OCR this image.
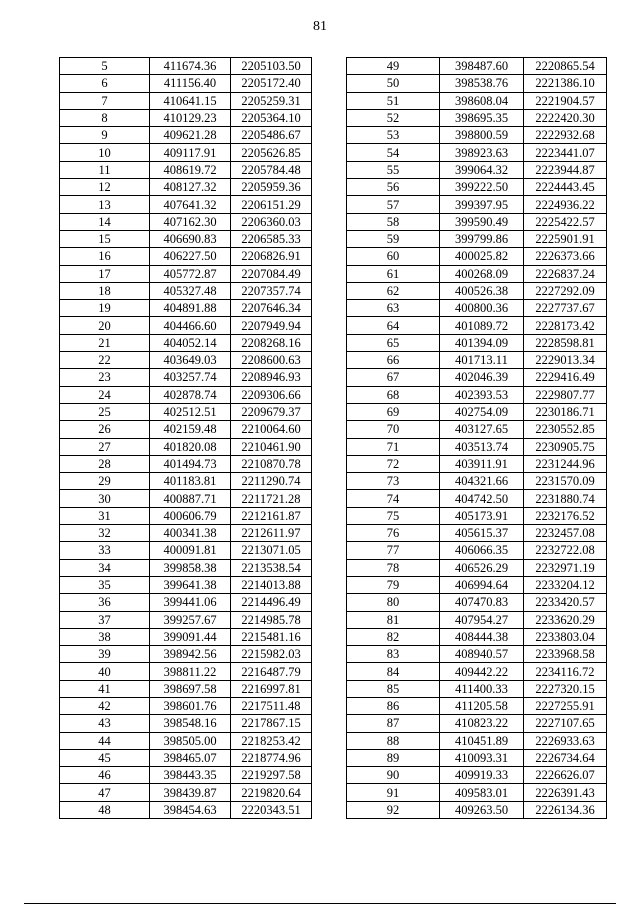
81
5	411674.36	2205103.50
6	411156.40	2205172.40
7	410641.15	2205259.31
8	410129.23	2205364.10
9	409621.28	2205486.67
10	409117.91	2205626.85
11	408619.72	2205784.48
12	408127.32	2205959.36
13	407641.32	2206151.29
14	407162.30	2206360.03
15	406690.83	2206585.33
16	406227.50	2206826.91
17	405772.87	2207084.49
18	405327.48	2207357.74
19	404891.88	2207646.34
20	404466.60	2207949.94
21	404052.14	2208268.16
22	403649.03	2208600.63
23	403257.74	2208946.93
24	402878.74	2209306.66
25	402512.51	2209679.37
26	402159.48	2210064.60
27	401820.08	2210461.90
28	401494.73	2210870.78
29	401183.81	2211290.74
30	400887.71	2211721.28
31	400606.79	2212161.87
32	400341.38	2212611.97
33	400091.81	2213071.05
34	399858.38	2213538.54
35	399641.38	2214013.88
36	399441.06	2214496.49
37	399257.67	2214985.78
38	399091.44	2215481.16
39	398942.56	2215982.03
40	398811.22	2216487.79
41	398697.58	2216997.81
42	398601.76	2217511.48
43	398548.16	2217867.15
44	398505.00	2218253.42
45	398465.07	2218774.96
46	398443.35	2219297.58
47	398439.87	2219820.64
48	398454.63	2220343.51
49	398487.60	2220865.54
50	398538.76	2221386.10
51	398608.04	2221904.57
52	398695.35	2222420.30
53	398800.59	2222932.68
54	398923.63	2223441.07
55	399064.32	2223944.87
56	399222.50	2224443.45
57	399397.95	2224936.22
58	399590.49	2225422.57
59	399799.86	2225901.91
60	400025.82	2226373.66
61	400268.09	2226837.24
62	400526.38	2227292.09
63	400800.36	2227737.67
64	401089.72	2228173.42
65	401394.09	2228598.81
66	401713.11	2229013.34
67	402046.39	2229416.49
68	402393.53	2229807.77
69	402754.09	2230186.71
70	403127.65	2230552.85
71	403513.74	2230905.75
72	403911.91	2231244.96
73	404321.66	2231570.09
74	404742.50	2231880.74
75	405173.91	2232176.52
76	405615.37	2232457.08
77	406066.35	2232722.08
78	406526.29	2232971.19
79	406994.64	2233204.12
80	407470.83	2233420.57
81	407954.27	2233620.29
82	408444.38	2233803.04
83	408940.57	2233968.58
84	409442.22	2234116.72
85	411400.33	2227320.15
86	411205.58	2227255.91
87	410823.22	2227107.65
88	410451.89	2226933.63
89	410093.31	2226734.64
90	409919.33	2226626.07
91	409583.01	2226391.43
92	409263.50	2226134.36
